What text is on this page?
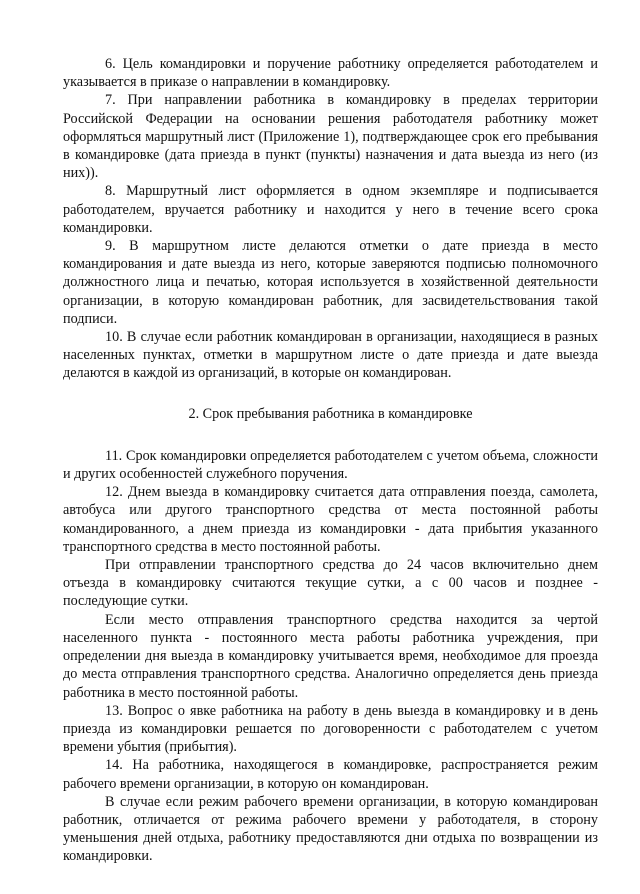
6. Цель командировки и поручение работнику определяется работодателем и указывается в приказе о направлении в командировку.

7. При направлении работника в командировку в пределах территории Российской Федерации на основании решения работодателя работнику может оформляться маршрутный лист (Приложение 1), подтверждающее срок его пребывания в командировке (дата приезда в пункт (пункты) назначения и дата выезда из него (из них)).

8. Маршрутный лист оформляется в одном экземпляре и подписывается работодателем, вручается работнику и находится у него в течение всего срока командировки.

9. В маршрутном листе делаются отметки о дате приезда в место командирования и дате выезда из него, которые заверяются подписью полномочного должностного лица и печатью, которая используется в хозяйственной деятельности организации, в которую командирован работник, для засвидетельствования такой подписи.

10. В случае если работник командирован в организации, находящиеся в разных населенных пунктах, отметки в маршрутном листе о дате приезда и дате выезда делаются в каждой из организаций, в которые он командирован.

2. Срок пребывания работника в командировке

11. Срок командировки определяется работодателем с учетом объема, сложности и других особенностей служебного поручения.

12. Днем выезда в командировку считается дата отправления поезда, самолета, автобуса или другого транспортного средства от места постоянной работы командированного, а днем приезда из командировки - дата прибытия указанного транспортного средства в место постоянной работы.

При отправлении транспортного средства до 24 часов включительно днем отъезда в командировку считаются текущие сутки, а с 00 часов и позднее - последующие сутки.

Если место отправления транспортного средства находится за чертой населенного пункта - постоянного места работы работника учреждения, при определении дня выезда в командировку учитывается время, необходимое для проезда до места отправления транспортного средства. Аналогично определяется день приезда работника в место постоянной работы.

13. Вопрос о явке работника на работу в день выезда в командировку и в день приезда из командировки решается по договоренности с работодателем с учетом времени убытия (прибытия).

14. На работника, находящегося в командировке, распространяется режим рабочего времени организации, в которую он командирован.

В случае если режим рабочего времени организации, в которую командирован работник, отличается от режима рабочего времени у работодателя, в сторону уменьшения дней отдыха, работнику предоставляются дни отдыха по возвращении из командировки.
